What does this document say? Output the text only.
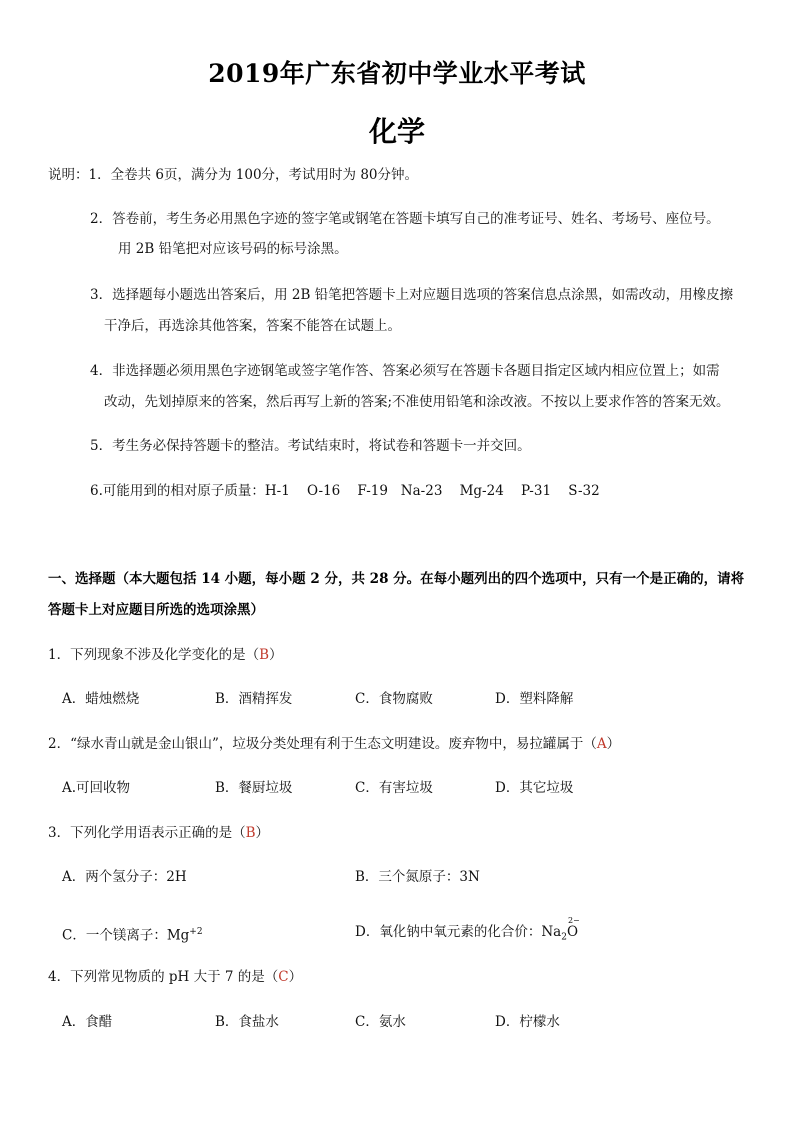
2019年广东省初中学业水平考试
化学
说明：1．全卷共 6页，满分为 100分，考试用时为 80分钟。
2．答卷前，考生务必用黑色字迹的签字笔或钢笔在答题卡填写自己的准考证号、姓名、考场号、座位号。
用 2B 铅笔把对应该号码的标号涂黑。
3．选择题每小题选出答案后，用 2B 铅笔把答题卡上对应题目选项的答案信息点涂黑，如需改动，用橡皮擦
干净后，再选涂其他答案，答案不能答在试题上。
4．非选择题必须用黑色字迹钢笔或签字笔作答、答案必须写在答题卡各题目指定区域内相应位置上；如需
改动，先划掉原来的答案，然后再写上新的答案;不准使用铅笔和涂改液。不按以上要求作答的答案无效。
5．考生务必保持答题卡的整洁。考试结束时，将试卷和答题卡一并交回。
6.可能用到的相对原子质量：H-1    O-16    F-19   Na-23    Mg-24    P-31    S-32
一、选择题（本大题包括 14 小题，每小题 2 分，共 28 分。在每小题列出的四个选项中，只有一个是正确的，请将
答题卡上对应题目所选的选项涂黑）
1．下列现象不涉及化学变化的是（B）
A．蜡烛燃烧	B．酒精挥发	C．食物腐败	D．塑料降解
2．“绿水青山就是金山银山”，垃圾分类处理有利于生态文明建设。废弃物中，易拉罐属于（A）
A.可回收物	B．餐厨垃圾	C．有害垃圾	D．其它垃圾
3．下列化学用语表示正确的是（B）
A．两个氢分子：2H	B．三个氮原子：3N
C．一个镁离子：$Mg^{+2}$	D．氧化钠中氧元素的化合价：$Na_2$
2−
O
4．下列常见物质的 pH 大于 7 的是（C）
A．食醋	B．食盐水	C．氨水	D．柠檬水
